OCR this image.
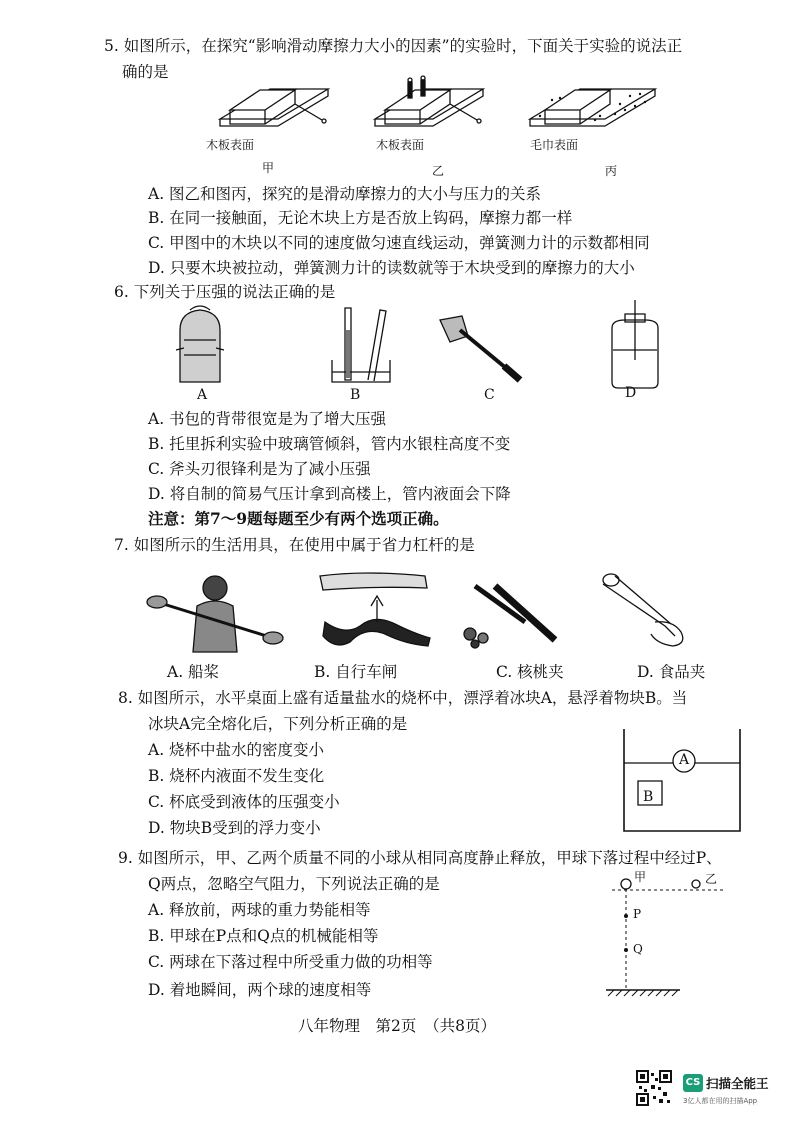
5. 如图所示，在探究“影响滑动摩擦力大小的因素”的实验时，下面关于实验的说法正
确的是
木板表面	木板表面	毛巾表面
甲	乙	丙
A. 图乙和图丙，探究的是滑动摩擦力的大小与压力的关系
B. 在同一接触面，无论木块上方是否放上钩码，摩擦力都一样
C. 甲图中的木块以不同的速度做匀速直线运动，弹簧测力计的示数都相同
D. 只要木块被拉动，弹簧测力计的读数就等于木块受到的摩擦力的大小
6. 下列关于压强的说法正确的是
A	B	C	D
A. 书包的背带很宽是为了增大压强
B. 托里拆利实验中玻璃管倾斜，管内水银柱高度不变
C. 斧头刃很锋利是为了减小压强
D. 将自制的简易气压计拿到高楼上，管内液面会下降
注意：第7～9题每题至少有两个选项正确。
7. 如图所示的生活用具，在使用中属于省力杠杆的是
A. 船桨	B. 自行车闸	C. 核桃夹	D. 食品夹
8. 如图所示，水平桌面上盛有适量盐水的烧杯中，漂浮着冰块A，悬浮着物块B。当
冰块A完全熔化后，下列分析正确的是
A. 烧杯中盐水的密度变小
B. 烧杯内液面不发生变化
C. 杯底受到液体的压强变小
D. 物块B受到的浮力变小
A
B
9. 如图所示，甲、乙两个质量不同的小球从相同高度静止释放，甲球下落过程中经过P、
Q两点，忽略空气阻力，下列说法正确的是
A. 释放前，两球的重力势能相等
B. 甲球在P点和Q点的机械能相等
C. 两球在下落过程中所受重力做的功相等
D. 着地瞬间，两个球的速度相等
甲	乙
P
Q
八年物理　第2页　（共8页）
CS 扫描全能王
3亿人都在用的扫描App
